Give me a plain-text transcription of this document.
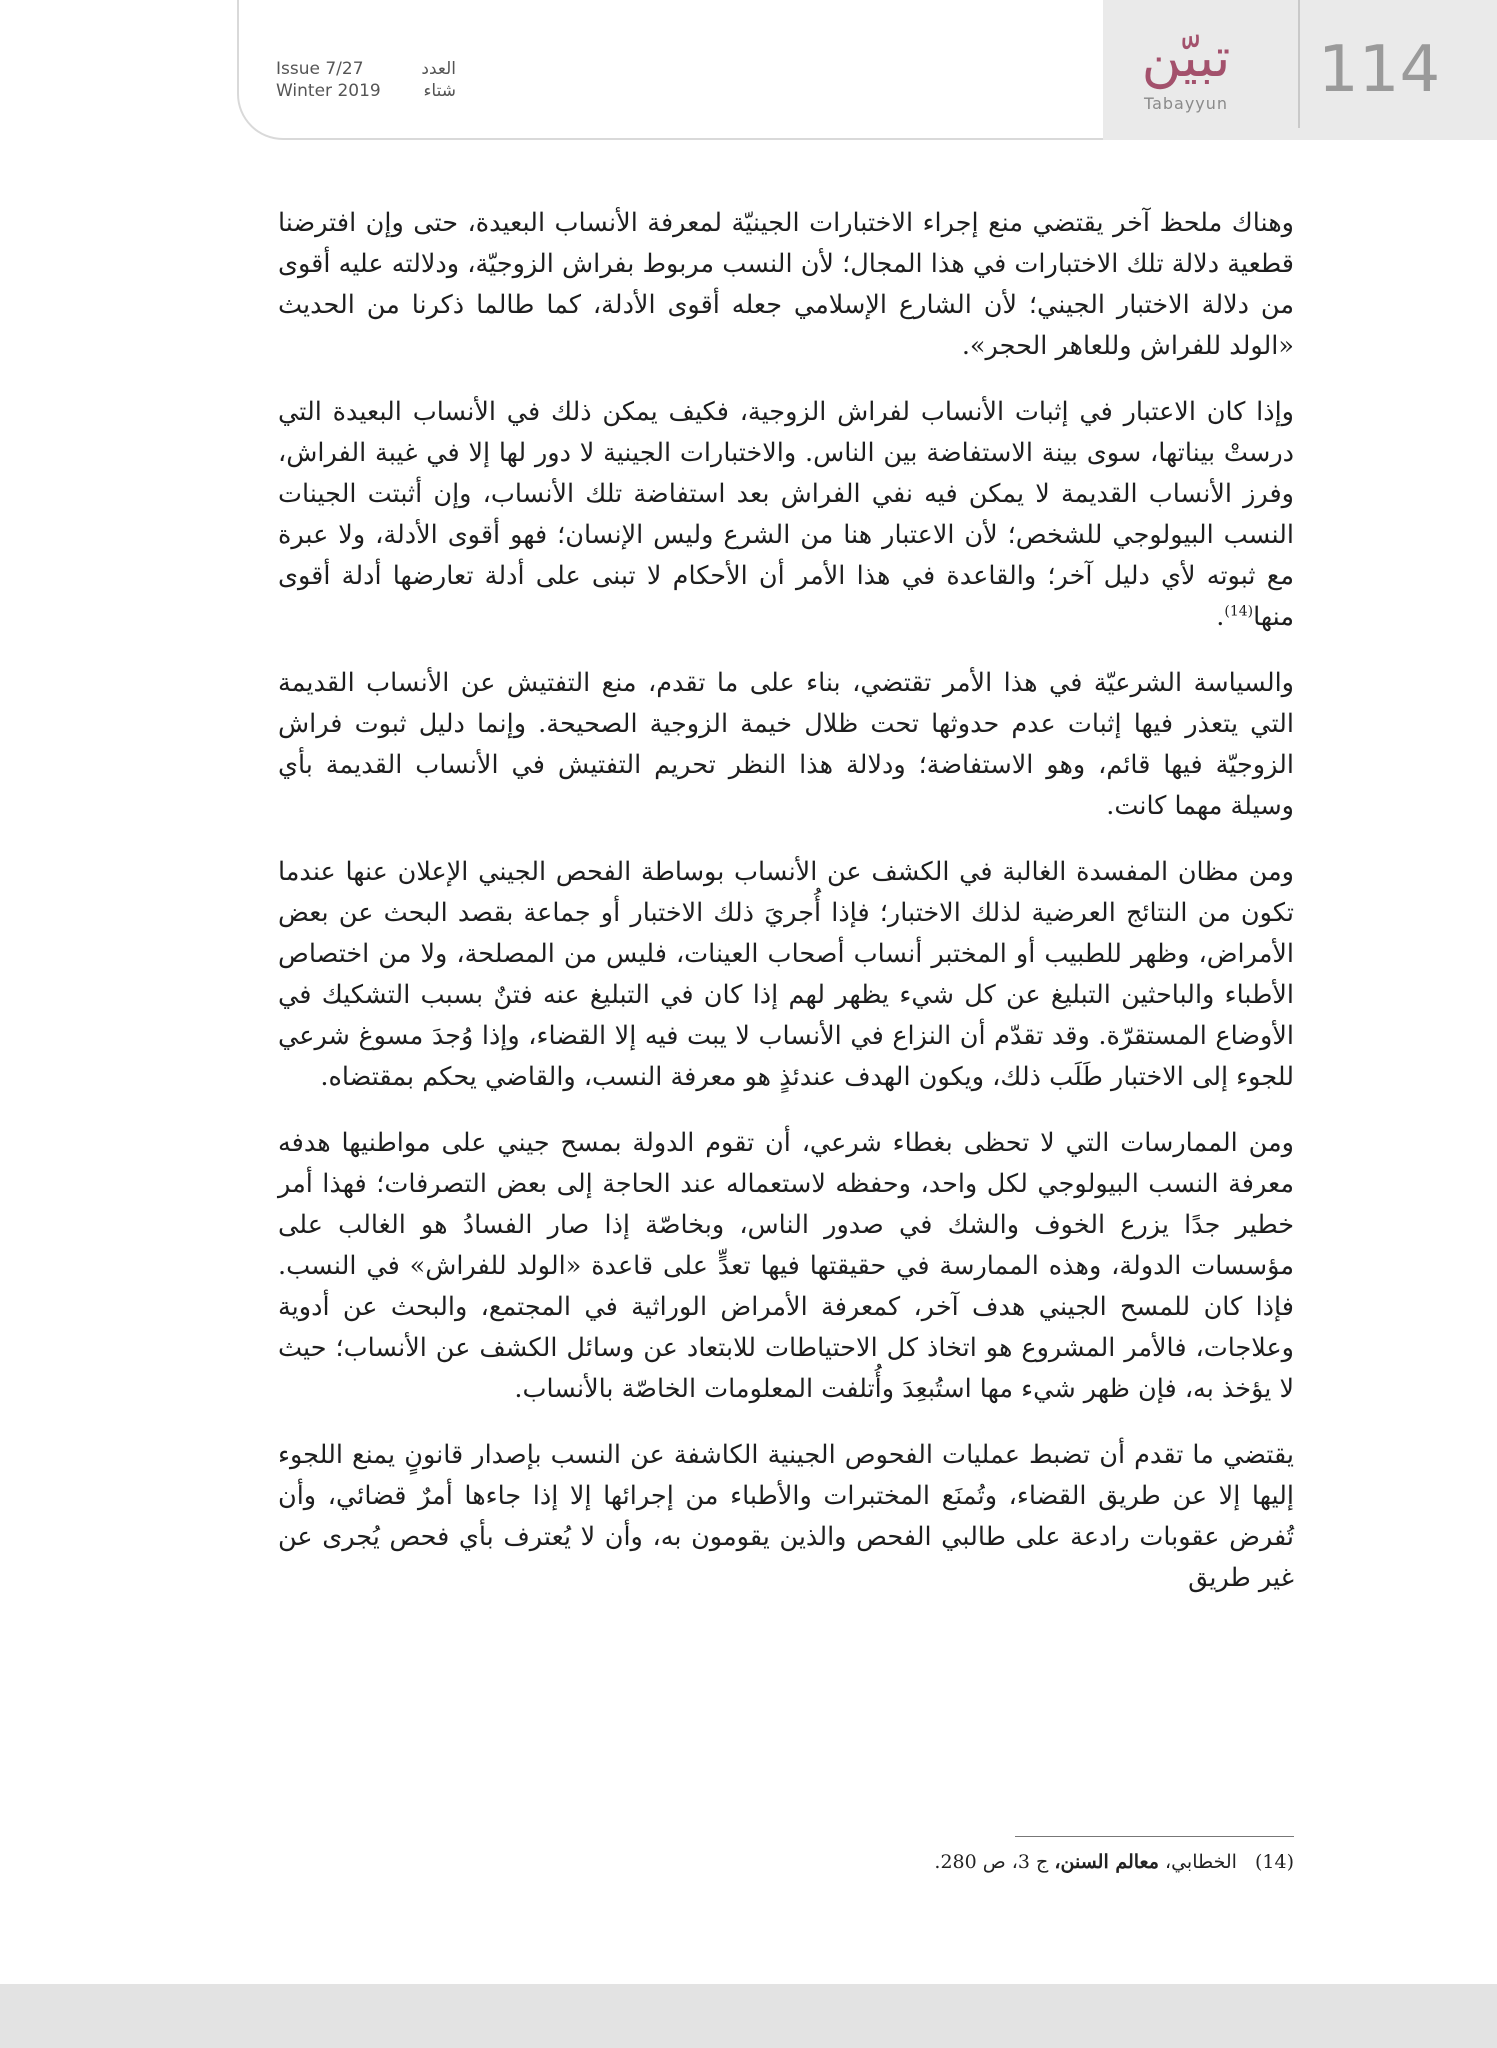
Issue 7/27	العدد
Winter 2019	شتاء
تبيّن
Tabayyun 114

وهناك ملحظ آخر يقتضي منع إجراء الاختبارات الجينيّة لمعرفة الأنساب البعيدة، حتى وإن افترضنا قطعية دلالة تلك الاختبارات في هذا المجال؛ لأن النسب مربوط بفراش الزوجيّة، ودلالته عليه أقوى من دلالة الاختبار الجيني؛ لأن الشارع الإسلامي جعله أقوى الأدلة، كما طالما ذكرنا من الحديث «الولد للفراش وللعاهر الحجر».

وإذا كان الاعتبار في إثبات الأنساب لفراش الزوجية، فكيف يمكن ذلك في الأنساب البعيدة التي درستْ بيناتها، سوى بينة الاستفاضة بين الناس. والاختبارات الجينية لا دور لها إلا في غيبة الفراش، وفرز الأنساب القديمة لا يمكن فيه نفي الفراش بعد استفاضة تلك الأنساب، وإن أثبتت الجينات النسب البيولوجي للشخص؛ لأن الاعتبار هنا من الشرع وليس الإنسان؛ فهو أقوى الأدلة، ولا عبرة مع ثبوته لأي دليل آخر؛ والقاعدة في هذا الأمر أن الأحكام لا تبنى على أدلة تعارضها أدلة أقوى منها$^{(14)}$.

والسياسة الشرعيّة في هذا الأمر تقتضي، بناء على ما تقدم، منع التفتيش عن الأنساب القديمة التي يتعذر فيها إثبات عدم حدوثها تحت ظلال خيمة الزوجية الصحيحة. وإنما دليل ثبوت فراش الزوجيّة فيها قائم، وهو الاستفاضة؛ ودلالة هذا النظر تحريم التفتيش في الأنساب القديمة بأي وسيلة مهما كانت.

ومن مظان المفسدة الغالبة في الكشف عن الأنساب بوساطة الفحص الجيني الإعلان عنها عندما تكون من النتائج العرضية لذلك الاختبار؛ فإذا أُجريَ ذلك الاختبار أو جماعة بقصد البحث عن بعض الأمراض، وظهر للطبيب أو المختبر أنساب أصحاب العينات، فليس من المصلحة، ولا من اختصاص الأطباء والباحثين التبليغ عن كل شيء يظهر لهم إذا كان في التبليغ عنه فتنٌ بسبب التشكيك في الأوضاع المستقرّة. وقد تقدّم أن النزاع في الأنساب لا يبت فيه إلا القضاء، وإذا وُجدَ مسوغ شرعي للجوء إلى الاختبار طَلَب ذلك، ويكون الهدف عندئذٍ هو معرفة النسب، والقاضي يحكم بمقتضاه.

ومن الممارسات التي لا تحظى بغطاء شرعي، أن تقوم الدولة بمسح جيني على مواطنيها هدفه معرفة النسب البيولوجي لكل واحد، وحفظه لاستعماله عند الحاجة إلى بعض التصرفات؛ فهذا أمر خطير جدًا يزرع الخوف والشك في صدور الناس، وبخاصّة إذا صار الفسادُ هو الغالب على مؤسسات الدولة، وهذه الممارسة في حقيقتها فيها تعدٍّ على قاعدة «الولد للفراش» في النسب. فإذا كان للمسح الجيني هدف آخر، كمعرفة الأمراض الوراثية في المجتمع، والبحث عن أدوية وعلاجات، فالأمر المشروع هو اتخاذ كل الاحتياطات للابتعاد عن وسائل الكشف عن الأنساب؛ حيث لا يؤخذ به، فإن ظهر شيء مها استُبعِدَ وأُتلفت المعلومات الخاصّة بالأنساب.

يقتضي ما تقدم أن تضبط عمليات الفحوص الجينية الكاشفة عن النسب بإصدار قانونٍ يمنع اللجوء إليها إلا عن طريق القضاء، وتُمنَع المختبرات والأطباء من إجرائها إلا إذا جاءها أمرٌ قضائي، وأن تُفرض عقوبات رادعة على طالبي الفحص والذين يقومون به، وأن لا يُعترف بأي فحص يُجرى عن غير طريق

(14) الخطابي، معالم السنن، ج 3، ص 280.
